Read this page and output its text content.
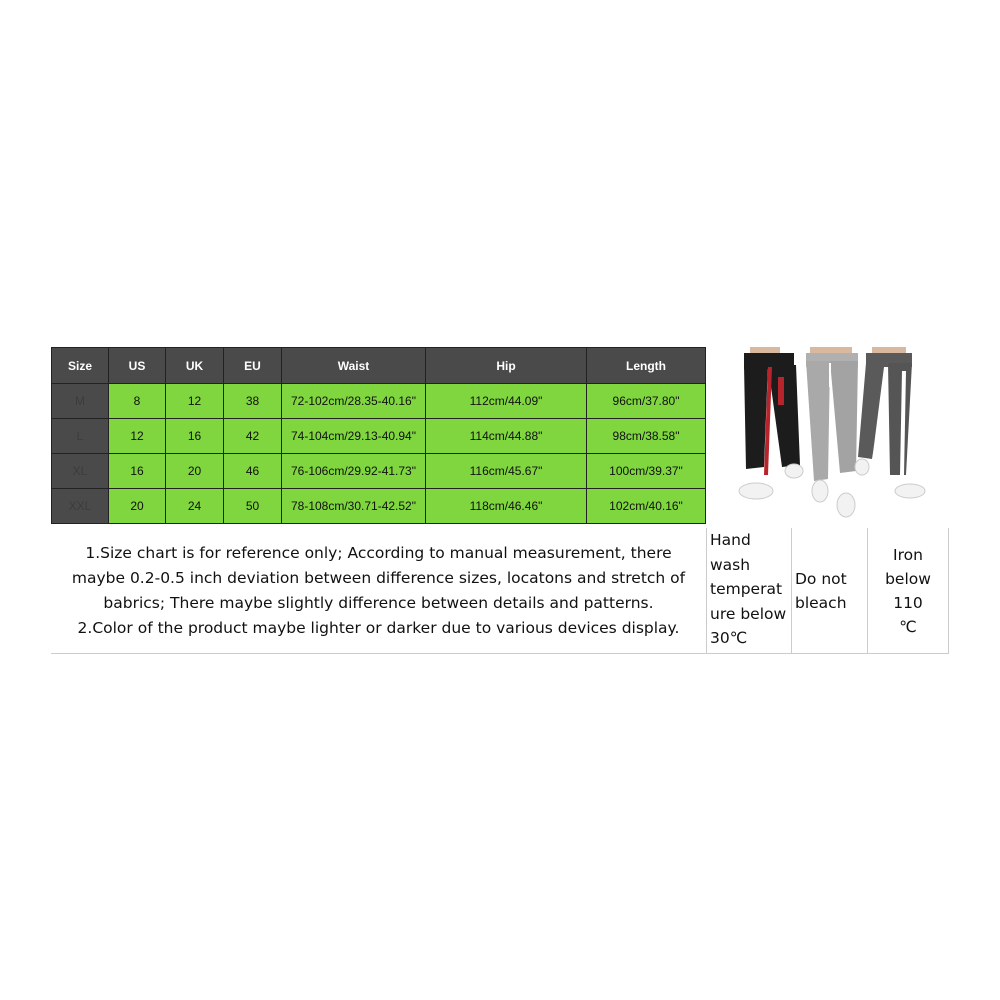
Size	US	UK	EU	Waist	Hip	Length
M	8	12	38	72-102cm/28.35-40.16"	112cm/44.09"	96cm/37.80"
L	12	16	42	74-104cm/29.13-40.94"	114cm/44.88"	98cm/38.58"
XL	16	20	46	76-106cm/29.92-41.73"	116cm/45.67"	100cm/39.37"
XXL	20	24	50	78-108cm/30.71-42.52"	118cm/46.46"	102cm/40.16"

1.Size chart is for reference only; According to manual measurement, there maybe 0.2-0.5 inch deviation between difference sizes, locatons and stretch of babrics; There maybe slightly difference between details and patterns.

2.Color of the product maybe lighter or darker due to various devices display.

Hand
wash
temperat
ure below
30℃
Do not
bleach
Iron
below 110
℃
